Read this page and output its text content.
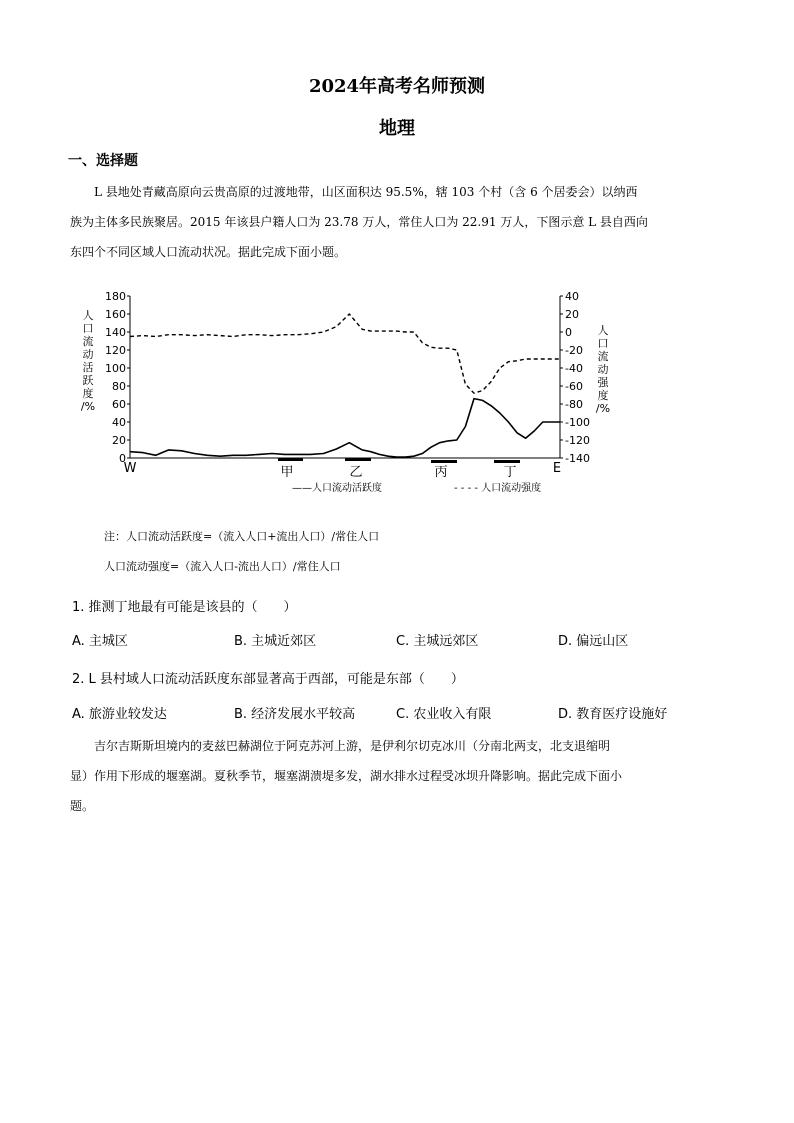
2024年高考名师预测
地理
一、选择题
L 县地处青藏高原向云贵高原的过渡地带，山区面积达 95.5%，辖 103 个村（含 6 个居委会）以纳西
族为主体多民族聚居。2015 年该县户籍人口为 23.78 万人，常住人口为 22.91 万人，下图示意 L 县自西向
东四个不同区域人口流动状况。据此完成下面小题。
人
口
流
动
活
跃
度
/%
人
口
流
动
强
度
/%
180
160
140
120
100
80
60
40
20
0
40
20
0
-20
-40
-60
-80
-100
-120
-140
W	E
甲	乙	丙	丁
——人口流动活跃度	- - - - 人口流动强度
注：人口流动活跃度=（流入人口+流出人口）/常住人口
人口流动强度=（流入人口-流出人口）/常住人口
1. 推测丁地最有可能是该县的（　　）
A. 主城区	B. 主城近郊区	C. 主城远郊区	D. 偏远山区
2. L 县村域人口流动活跃度东部显著高于西部，可能是东部（　　）
A. 旅游业较发达	B. 经济发展水平较高	C. 农业收入有限	D. 教育医疗设施好
吉尔吉斯斯坦境内的麦兹巴赫湖位于阿克苏河上游，是伊利尔切克冰川（分南北两支，北支退缩明
显）作用下形成的堰塞湖。夏秋季节，堰塞湖溃堤多发，湖水排水过程受冰坝升降影响。据此完成下面小
题。
